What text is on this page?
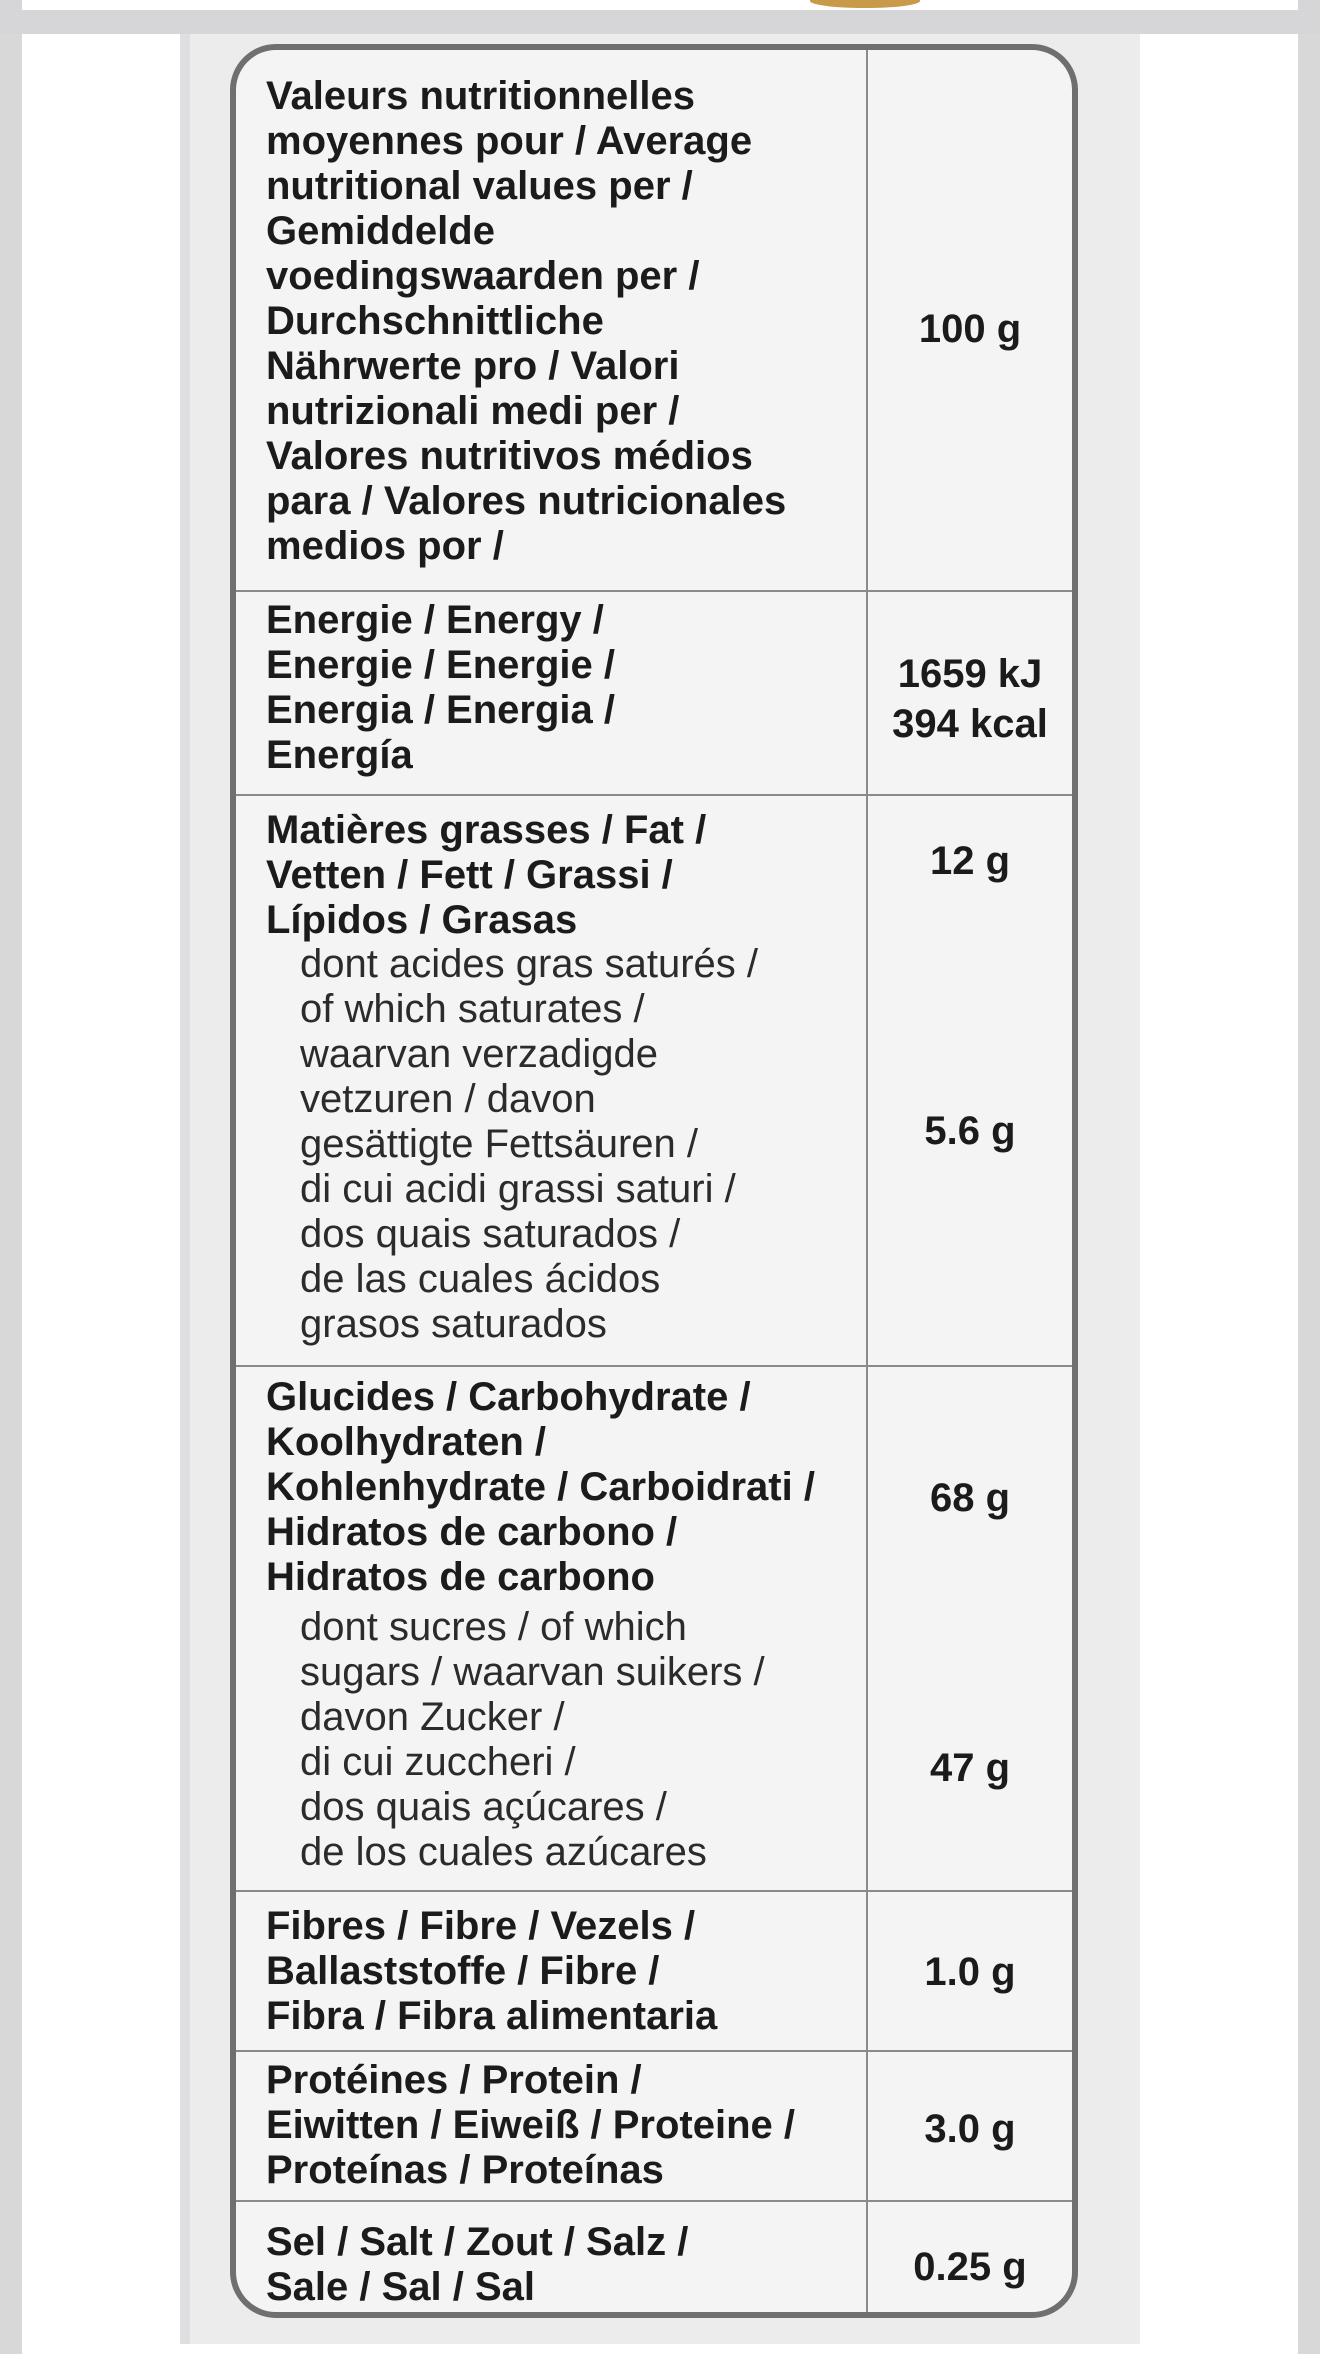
Valeurs nutritionnelles
moyennes pour / Average
nutritional values per /
Gemiddelde
voedingswaarden per /
Durchschnittliche
Nährwerte pro / Valori
nutrizionali medi per /
Valores nutritivos médios
para / Valores nutricionales
medios por /
100 g
Energie / Energy /
Energie / Energie /
Energia / Energia /
Energía
1659 kJ
394 kcal
Matières grasses / Fat /
Vetten / Fett / Grassi /
Lípidos / Grasas
12 g
dont acides gras saturés /
of which saturates /
waarvan verzadigde
vetzuren / davon
gesättigte Fettsäuren /
di cui acidi grassi saturi /
dos quais saturados /
de las cuales ácidos
grasos saturados
5.6 g
Glucides / Carbohydrate /
Koolhydraten /
Kohlenhydrate / Carboidrati /
Hidratos de carbono /
Hidratos de carbono
68 g
dont sucres / of which
sugars / waarvan suikers /
davon Zucker /
di cui zuccheri /
dos quais açúcares /
de los cuales azúcares
47 g
Fibres / Fibre / Vezels /
Ballaststoffe / Fibre /
Fibra / Fibra alimentaria
1.0 g
Protéines / Protein /
Eiwitten / Eiweiß / Proteine /
Proteínas / Proteínas
3.0 g
Sel / Salt / Zout / Salz /
Sale / Sal / Sal	0.25 g
